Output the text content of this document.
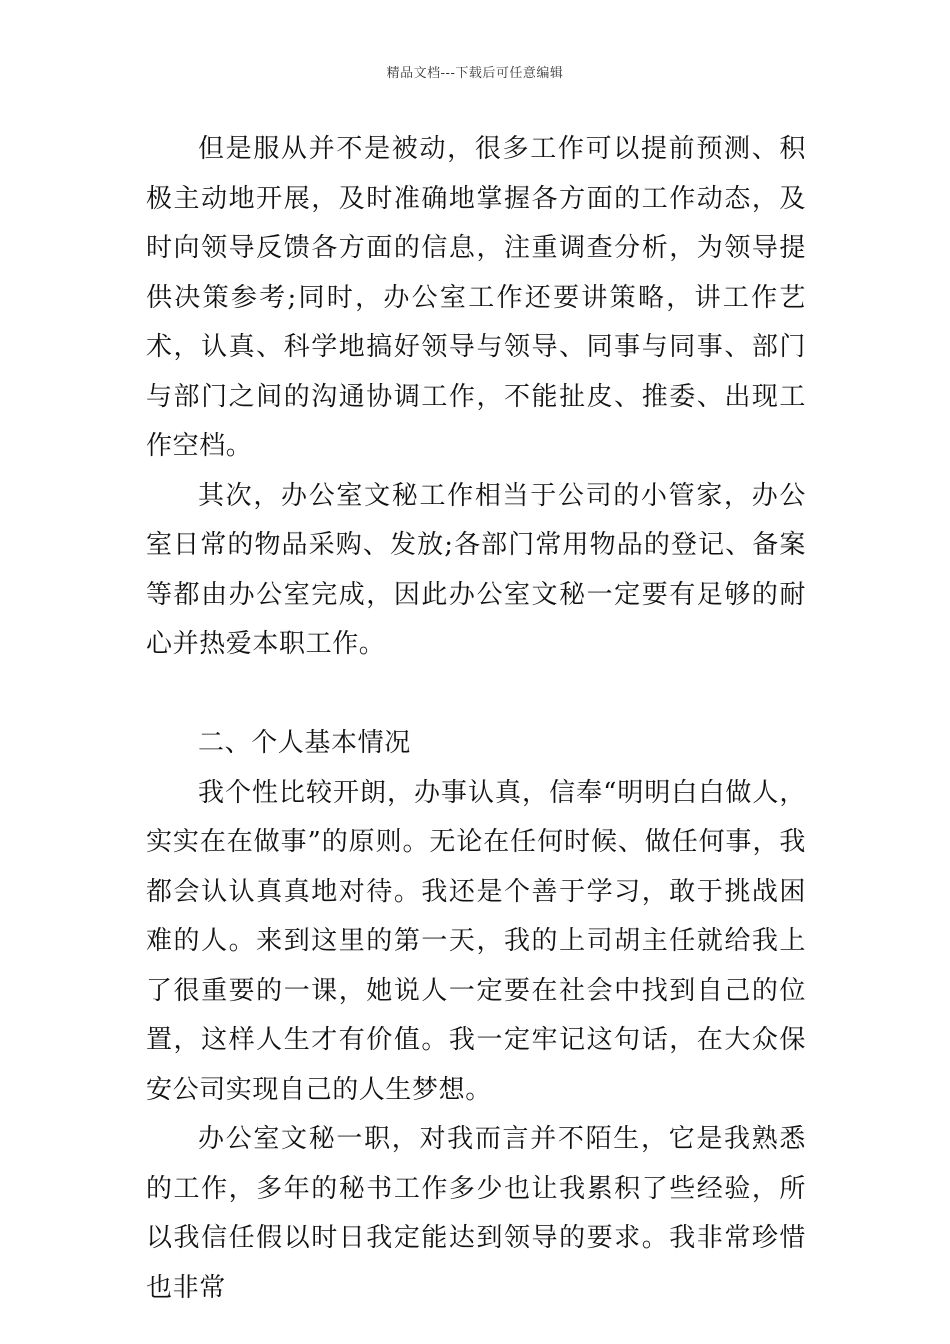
精品文档---下载后可任意编辑

但是服从并不是被动，很多工作可以提前预测、积极主动地开展，及时准确地掌握各方面的工作动态，及时向领导反馈各方面的信息，注重调查分析，为领导提供决策参考;同时，办公室工作还要讲策略，讲工作艺术，认真、科学地搞好领导与领导、同事与同事、部门与部门之间的沟通协调工作，不能扯皮、推委、出现工作空档。

其次，办公室文秘工作相当于公司的小管家，办公室日常的物品采购、发放;各部门常用物品的登记、备案等都由办公室完成，因此办公室文秘一定要有足够的耐心并热爱本职工作。

二、个人基本情况

我个性比较开朗，办事认真，信奉“明明白白做人，实实在在做事”的原则。无论在任何时候、做任何事，我都会认认真真地对待。我还是个善于学习，敢于挑战困难的人。来到这里的第一天，我的上司胡主任就给我上了很重要的一课，她说人一定要在社会中找到自己的位置，这样人生才有价值。我一定牢记这句话，在大众保安公司实现自己的人生梦想。

办公室文秘一职，对我而言并不陌生，它是我熟悉的工作，多年的秘书工作多少也让我累积了些经验，所以我信任假以时日我定能达到领导的要求。我非常珍惜也非常
